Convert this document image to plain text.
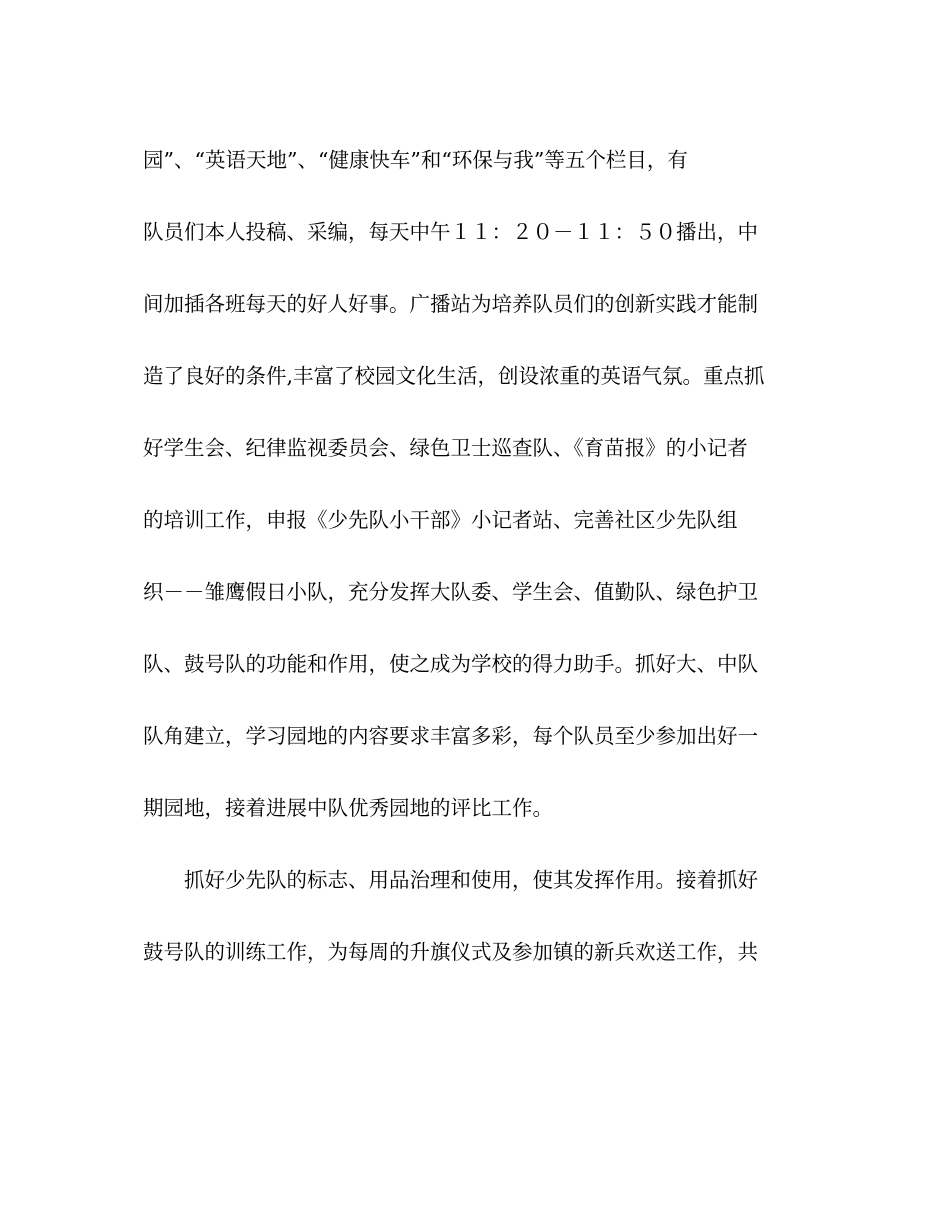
园”、“英语天地”、“健康快车”和“环保与我”等五个栏目，有
队员们本人投稿、采编，每天中午１１：２０－１１：５０播出，中
间加插各班每天的好人好事。广播站为培养队员们的创新实践才能制
造了良好的条件,丰富了校园文化生活，创设浓重的英语气氛。重点抓
好学生会、纪律监视委员会、绿色卫士巡查队、《育苗报》的小记者
的培训工作，申报《少先队小干部》小记者站、完善社区少先队组
织－－雏鹰假日小队，充分发挥大队委、学生会、值勤队、绿色护卫
队、鼓号队的功能和作用，使之成为学校的得力助手。抓好大、中队
队角建立，学习园地的内容要求丰富多彩，每个队员至少参加出好一
期园地，接着进展中队优秀园地的评比工作。
抓好少先队的标志、用品治理和使用，使其发挥作用。接着抓好
鼓号队的训练工作，为每周的升旗仪式及参加镇的新兵欢送工作，共
